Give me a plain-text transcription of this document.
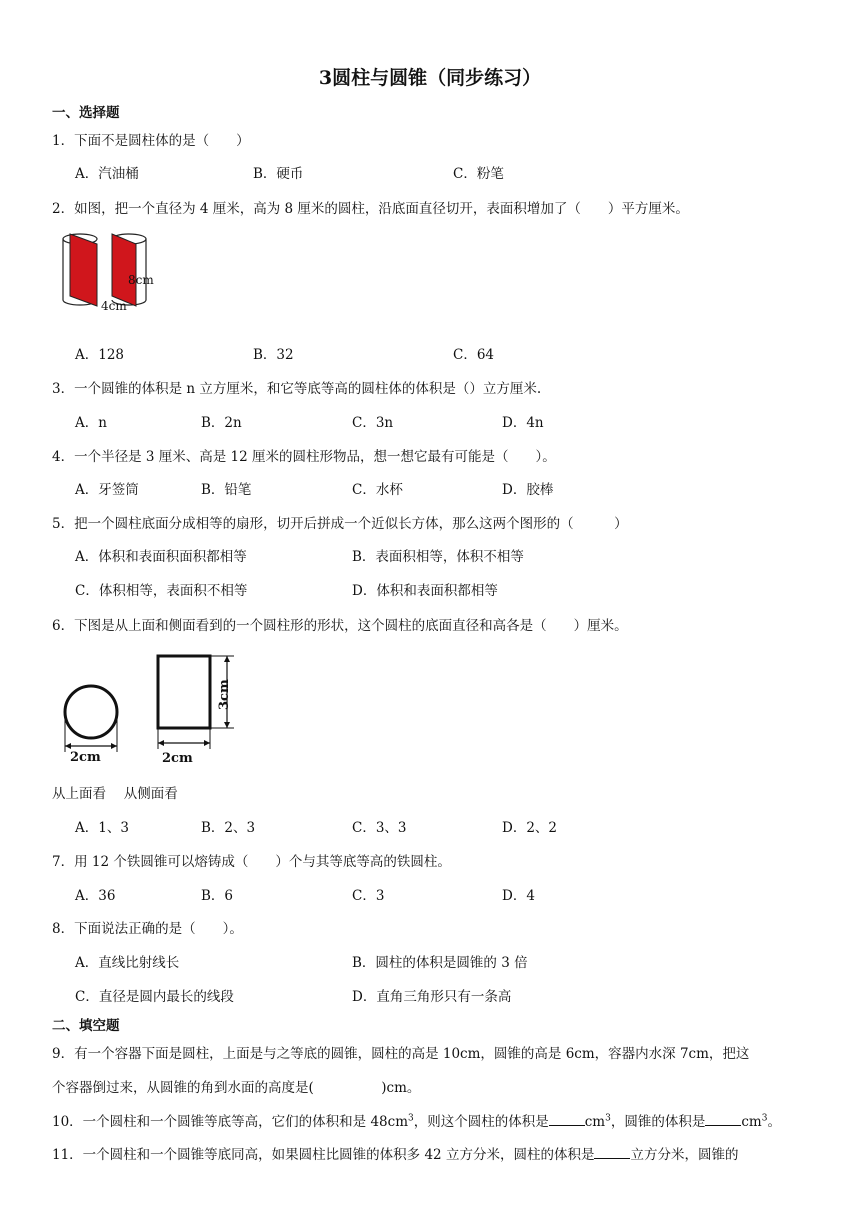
3圆柱与圆锥（同步练习）
一、选择题
1．下面不是圆柱体的是（　　）
A．汽油桶	B．硬币	C．粉笔
2．如图，把一个直径为 4 厘米，高为 8 厘米的圆柱，沿底面直径切开，表面积增加了（　　）平方厘米。
8cm
4cm
A．128	B．32	C．64
3．一个圆锥的体积是 n 立方厘米，和它等底等高的圆柱体的体积是（）立方厘米.
A．n	B．2n	C．3n	D．4n
4．一个半径是 3 厘米、高是 12 厘米的圆柱形物品，想一想它最有可能是（　　）。
A．牙签筒	B．铅笔	C．水杯	D．胶棒
5．把一个圆柱底面分成相等的扇形，切开后拼成一个近似长方体，那么这两个图形的（　　　）
A．体积和表面积面积都相等	B．表面积相等，体积不相等
C．体积相等，表面积不相等	D．体积和表面积都相等
6．下图是从上面和侧面看到的一个圆柱形的形状，这个圆柱的底面直径和高各是（　　）厘米。
2cm	2cm
3cm
从上面看　 从侧面看
A．1、3	B．2、3	C．3、3	D．2、2
7．用 12 个铁圆锥可以熔铸成（　　）个与其等底等高的铁圆柱。
A．36	B．6	C．3	D．4
8．下面说法正确的是（　　）。
A．直线比射线长	B．圆柱的体积是圆锥的 3 倍
C．直径是圆内最长的线段	D．直角三角形只有一条高
二、填空题
9．有一个容器下面是圆柱，上面是与之等底的圆锥，圆柱的高是 10cm，圆锥的高是 6cm，容器内水深 7cm，把这
个容器倒过来，从圆锥的角到水面的高度是(　　　　　)cm。
10．一个圆柱和一个圆锥等底等高，它们的体积和是 $48cm^3$，则这个圆柱的体积是	$cm^3$，圆锥的体积是	$cm^3$。
11．一个圆柱和一个圆锥等底同高，如果圆柱比圆锥的体积多 42 立方分米，圆柱的体积是	立方分米，圆锥的
